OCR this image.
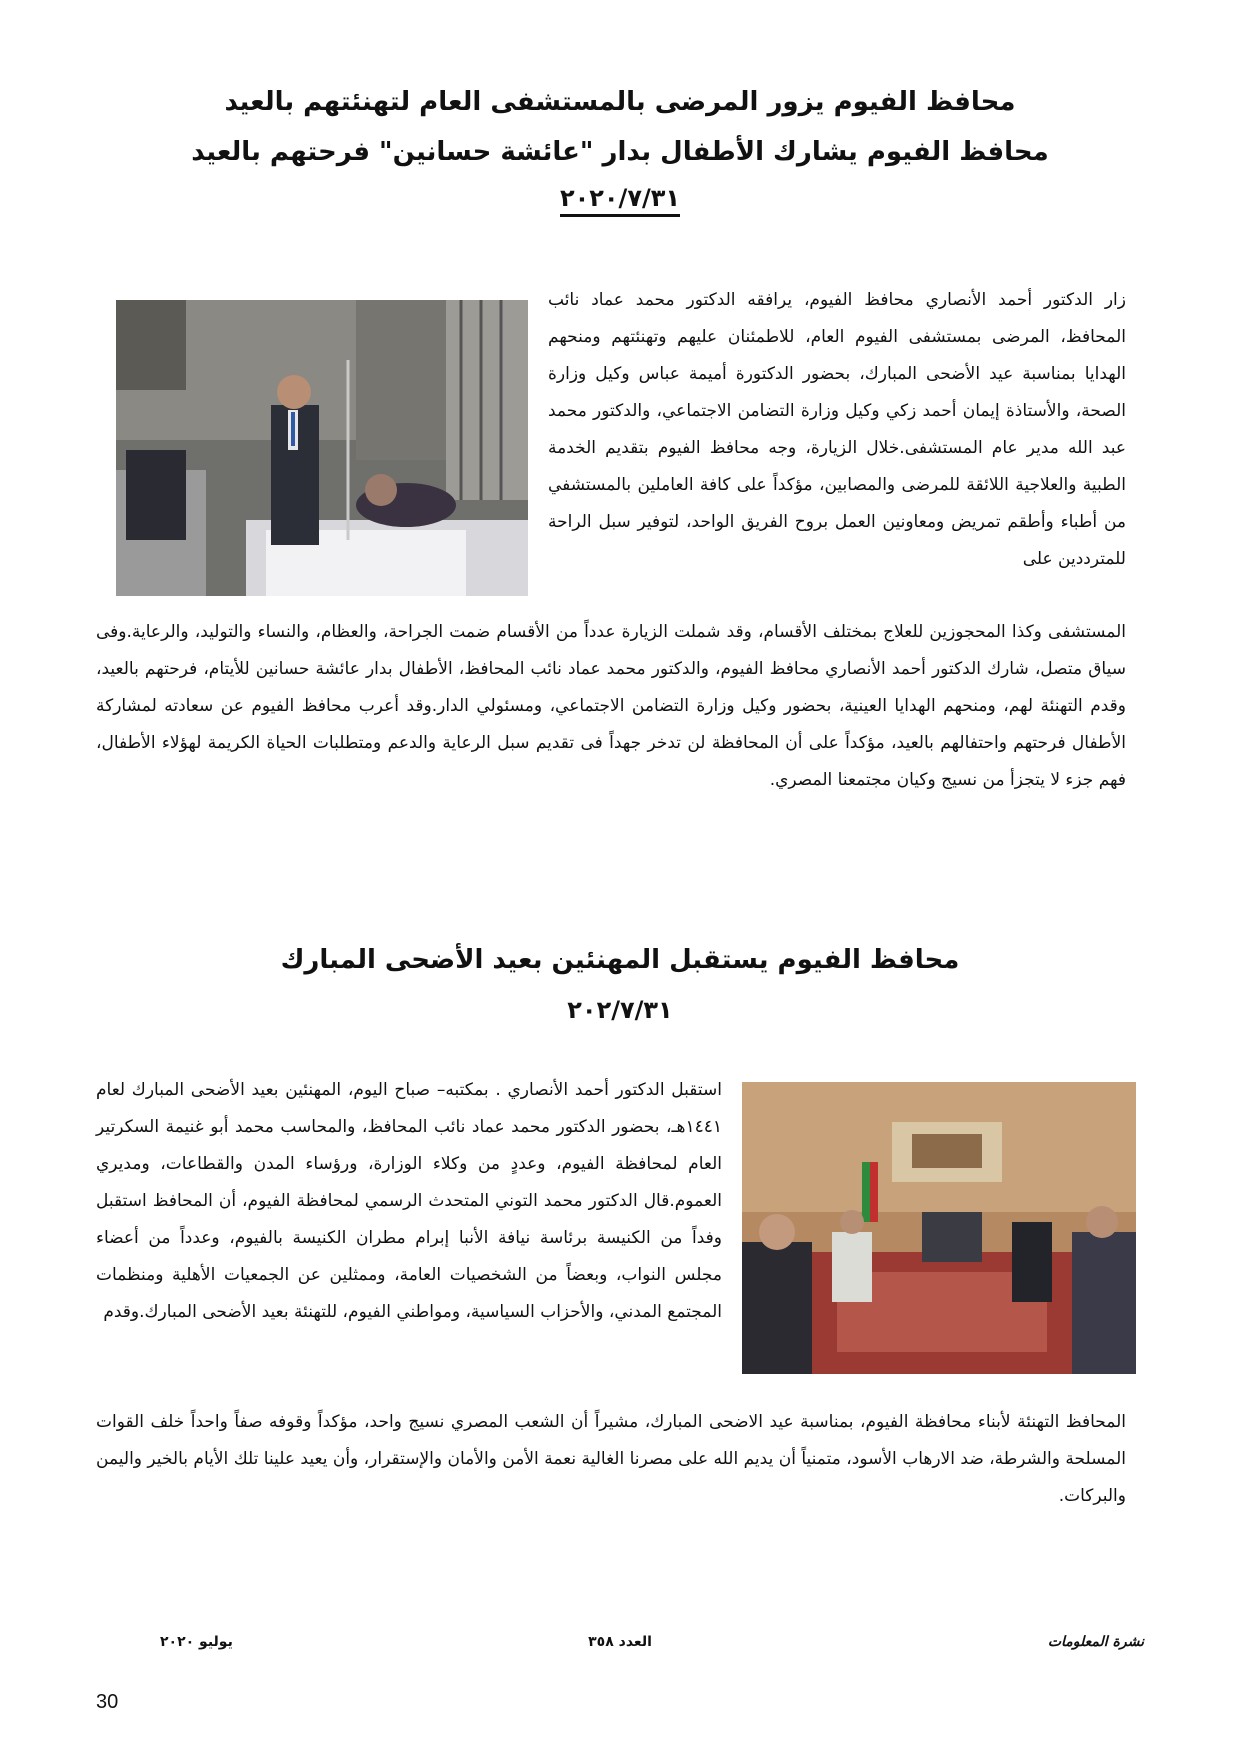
محافظ الفيوم يزور المرضى بالمستشفى العام لتهنئتهم بالعيد
محافظ الفيوم يشارك الأطفال بدار "عائشة حسانين" فرحتهم بالعيد
٢٠٢٠/٧/٣١

زار الدكتور أحمد الأنصاري محافظ الفيوم، يرافقه الدكتور محمد عماد نائب المحافظ، المرضى بمستشفى الفيوم العام، للاطمئنان عليهم وتهنئتهم ومنحهم الهدايا بمناسبة عيد الأضحى المبارك، بحضور الدكتورة أميمة عباس وكيل وزارة الصحة، والأستاذة إيمان أحمد زكي وكيل وزارة التضامن الاجتماعي، والدكتور محمد عبد الله مدير عام المستشفى.خلال الزيارة، وجه محافظ الفيوم بتقديم الخدمة الطبية والعلاجية اللائقة للمرضى والمصابين، مؤكداً على كافة العاملين بالمستشفي من أطباء وأطقم تمريض ومعاونين العمل بروح الفريق الواحد، لتوفير سبل الراحة للمترددين على

المستشفى وكذا المحجوزين للعلاج بمختلف الأقسام، وقد شملت الزيارة عدداً من الأقسام ضمت الجراحة، والعظام، والنساء والتوليد، والرعاية.وفى سياق متصل، شارك الدكتور أحمد الأنصاري محافظ الفيوم، والدكتور محمد عماد نائب المحافظ، الأطفال بدار عائشة حسانين للأيتام، فرحتهم بالعيد، وقدم التهنئة لهم، ومنحهم الهدايا العينية، بحضور وكيل وزارة التضامن الاجتماعي، ومسئولي الدار.وقد أعرب محافظ الفيوم عن سعادته لمشاركة الأطفال فرحتهم واحتفالهم بالعيد، مؤكداً على أن المحافظة لن تدخر جهداً فى تقديم سبل الرعاية والدعم ومتطلبات الحياة الكريمة لهؤلاء الأطفال، فهم جزء لا يتجزأ من نسيج وكيان مجتمعنا المصري.

محافظ الفيوم يستقبل المهنئين بعيد الأضحى المبارك
٢٠٢/٧/٣١

استقبل الدكتور أحمد الأنصاري . بمكتبه– صباح اليوم، المهنئين بعيد الأضحى المبارك لعام ١٤٤١هـ، بحضور الدكتور محمد عماد نائب المحافظ، والمحاسب محمد أبو غنيمة السكرتير العام لمحافظة الفيوم، وعددٍ من وكلاء الوزارة، ورؤساء المدن والقطاعات، ومديري العموم.قال الدكتور محمد التوني المتحدث الرسمي لمحافظة الفيوم، أن المحافظ استقبل وفداً من الكنيسة برئاسة نيافة الأنبا إبرام مطران الكنيسة بالفيوم، وعدداً من أعضاء مجلس النواب، وبعضاً من الشخصيات العامة، وممثلين عن الجمعيات الأهلية ومنظمات المجتمع المدني، والأحزاب السياسية، ومواطني الفيوم، للتهنئة بعيد الأضحى المبارك.وقدم

المحافظ التهنئة لأبناء محافظة الفيوم، بمناسبة عيد الاضحى المبارك، مشيراً أن الشعب المصري نسيج واحد، مؤكداً وقوفه صفاً واحداً خلف القوات المسلحة والشرطة، ضد الارهاب الأسود، متمنياً أن يديم الله على مصرنا الغالية نعمة الأمن والأمان والإستقرار، وأن يعيد علينا تلك الأيام بالخير واليمن والبركات.

نشرة المعلومات
العدد ٣٥٨
يوليو ٢٠٢٠
30
